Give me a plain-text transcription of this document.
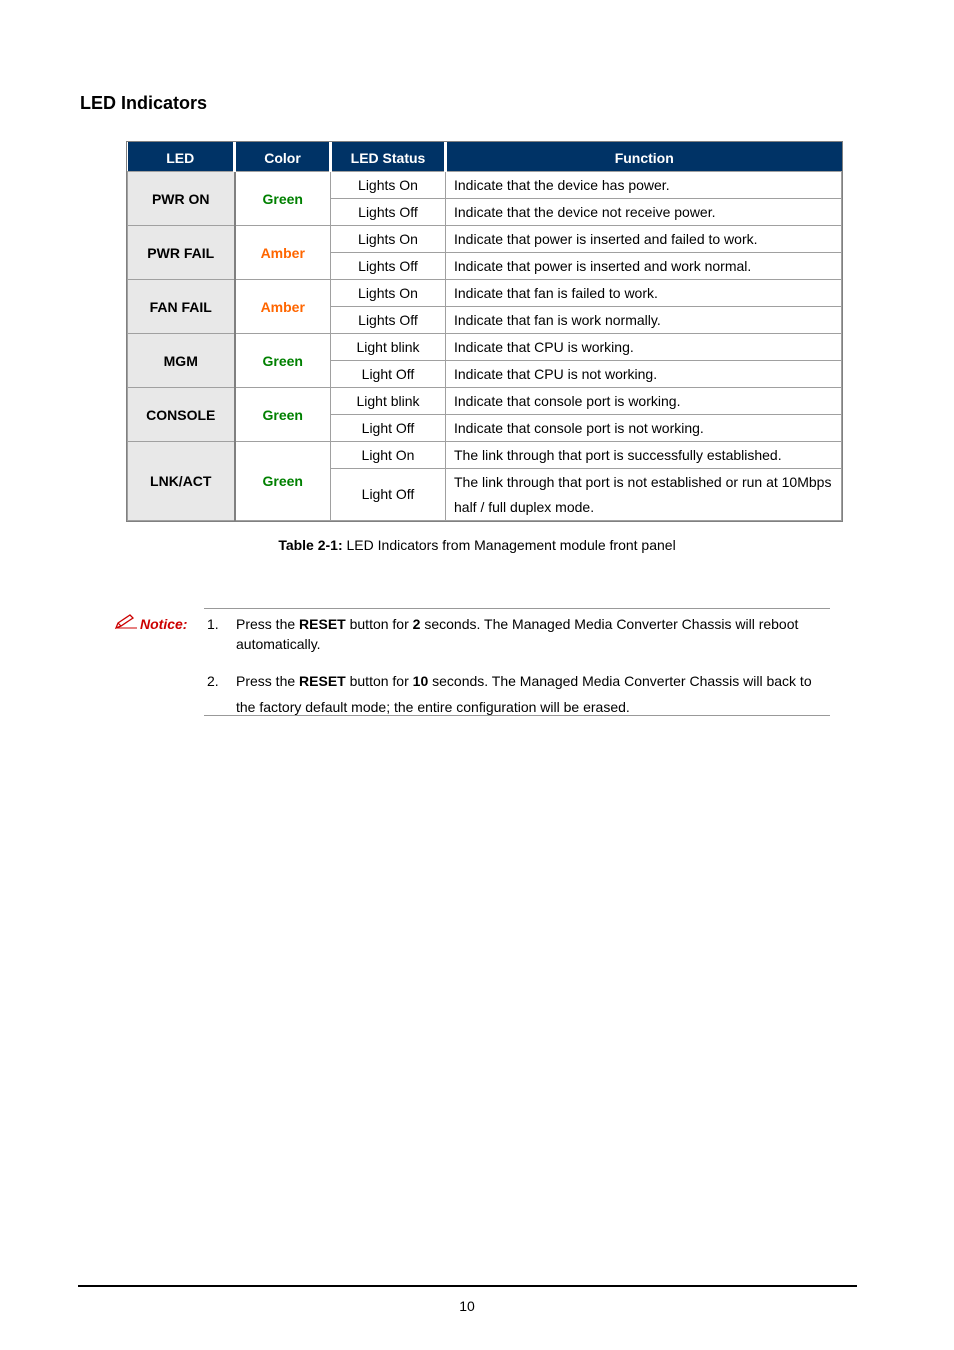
LED Indicators
LED	Color	LED Status	Function
PWR ON	Green	Lights On	Indicate that the device has power.
		Lights Off	Indicate that the device not receive power.
PWR FAIL	Amber	Lights On	Indicate that power is inserted and failed to work.
		Lights Off	Indicate that power is inserted and work normal.
FAN FAIL	Amber	Lights On	Indicate that fan is failed to work.
		Lights Off	Indicate that fan is work normally.
MGM	Green	Light blink	Indicate that CPU is working.
		Light Off	Indicate that CPU is not working.
CONSOLE	Green	Light blink	Indicate that console port is working.
		Light Off	Indicate that console port is not working.
LNK/ACT	Green	Light On	The link through that port is successfully established.
		Light Off	The link through that port is not established or run at 10Mbps half / full duplex mode.
Table 2-1: LED Indicators from Management module front panel
Notice: 1. Press the RESET button for 2 seconds. The Managed Media Converter Chassis will reboot automatically.
2. Press the RESET button for 10 seconds. The Managed Media Converter Chassis will back to the factory default mode; the entire configuration will be erased.
10
